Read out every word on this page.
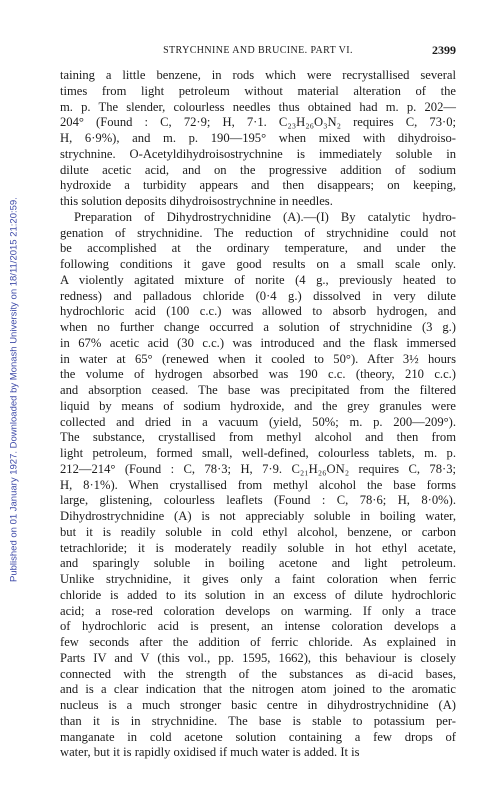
STRYCHNINE AND BRUCINE. PART VI.	2399
Published on 01 January 1927. Downloaded by Monash University on 18/11/2015 21:20:59.
taining a little benzene, in rods which were recrystallised several
times from light petroleum without material alteration of the
m. p. The slender, colourless needles thus obtained had m. p. 202—
204° (Found : C, 72·9; H, 7·1. C₂₃H₂₆O₃N₂ requires C, 73·0;
H, 6·9%), and m. p. 190—195° when mixed with dihydroiso-
strychnine. O-Acetyldihydroisostrychnine is immediately soluble in
dilute acetic acid, and on the progressive addition of sodium
hydroxide a turbidity appears and then disappears; on keeping,
this solution deposits dihydroisostrychnine in needles.
Preparation of Dihydrostrychnidine (A).—(I) By catalytic hydro-
genation of strychnidine. The reduction of strychnidine could not
be accomplished at the ordinary temperature, and under the
following conditions it gave good results on a small scale only.
A violently agitated mixture of norite (4 g., previously heated to
redness) and palladous chloride (0·4 g.) dissolved in very dilute
hydrochloric acid (100 c.c.) was allowed to absorb hydrogen, and
when no further change occurred a solution of strychnidine (3 g.)
in 67% acetic acid (30 c.c.) was introduced and the flask immersed
in water at 65° (renewed when it cooled to 50°). After 3½ hours
the volume of hydrogen absorbed was 190 c.c. (theory, 210 c.c.)
and absorption ceased. The base was precipitated from the filtered
liquid by means of sodium hydroxide, and the grey granules were
collected and dried in a vacuum (yield, 50%; m. p. 200—209°).
The substance, crystallised from methyl alcohol and then from
light petroleum, formed small, well-defined, colourless tablets, m. p.
212—214° (Found : C, 78·3; H, 7·9. C₂₁H₂₆ON₂ requires C, 78·3;
H, 8·1%). When crystallised from methyl alcohol the base forms
large, glistening, colourless leaflets (Found : C, 78·6; H, 8·0%).
Dihydrostrychnidine (A) is not appreciably soluble in boiling water,
but it is readily soluble in cold ethyl alcohol, benzene, or carbon
tetrachloride; it is moderately readily soluble in hot ethyl acetate,
and sparingly soluble in boiling acetone and light petroleum.
Unlike strychnidine, it gives only a faint coloration when ferric
chloride is added to its solution in an excess of dilute hydrochloric
acid; a rose-red coloration develops on warming. If only a trace
of hydrochloric acid is present, an intense coloration develops a
few seconds after the addition of ferric chloride. As explained in
Parts IV and V (this vol., pp. 1595, 1662), this behaviour is closely
connected with the strength of the substances as di-acid bases,
and is a clear indication that the nitrogen atom joined to the aromatic
nucleus is a much stronger basic centre in dihydrostrychnidine (A)
than it is in strychnidine. The base is stable to potassium per-
manganate in cold acetone solution containing a few drops of
water, but it is rapidly oxidised if much water is added. It is
